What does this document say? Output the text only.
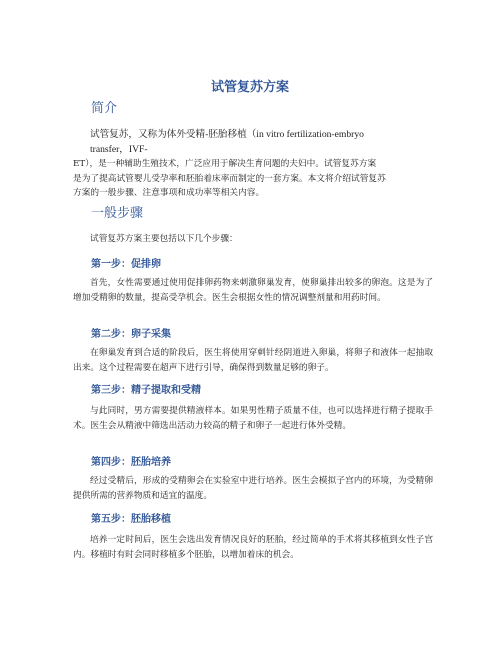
试管复苏方案
简介
试管复苏，又称为体外受精-胚胎移植（in vitro fertilization-embryo
transfer，IVF-
ET），是一种辅助生殖技术，广泛应用于解决生育问题的夫妇中。试管复苏方案
是为了提高试管婴儿受孕率和胚胎着床率而制定的一套方案。本文将介绍试管复苏
方案的一般步骤、注意事项和成功率等相关内容。
一般步骤
试管复苏方案主要包括以下几个步骤：
第一步：促排卵
首先，女性需要通过使用促排卵药物来刺激卵巢发育，使卵巢排出较多的卵泡。这是为了增加受精卵的数量，提高受孕机会。医生会根据女性的情况调整剂量和用药时间。
第二步：卵子采集
在卵巢发育到合适的阶段后，医生将使用穿刺针经阴道进入卵巢，将卵子和液体一起抽取出来。这个过程需要在超声下进行引导，确保得到数量足够的卵子。
第三步：精子提取和受精
与此同时，男方需要提供精液样本。如果男性精子质量不佳，也可以选择进行精子提取手术。医生会从精液中筛选出活动力较高的精子和卵子一起进行体外受精。
第四步：胚胎培养
经过受精后，形成的受精卵会在实验室中进行培养。医生会模拟子宫内的环境，为受精卵提供所需的营养物质和适宜的温度。
第五步：胚胎移植
培养一定时间后，医生会选出发育情况良好的胚胎，经过简单的手术将其移植到女性子宫内。移植时有时会同时移植多个胚胎，以增加着床的机会。
